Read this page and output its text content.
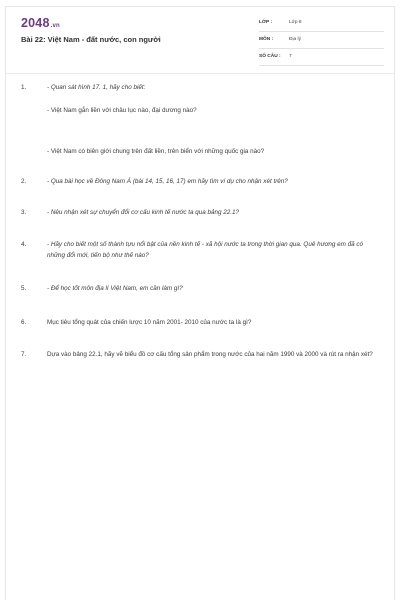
2048.vn
Bài 22: Việt Nam - đất nước, con người
LỚP :	Lớp 8
MÔN :	Địa lý
SỐ CÂU : 7
1.	- Quan sát hình 17. 1, hãy cho biết:
- Việt Nam gắn liền với châu lục nào, đại dương nào?
- Việt Nam có biên giới chung trên đất liền, trên biển với những quốc gia nào?
2.	- Qua bài học về Đông Nam Á (bài 14, 15, 16, 17) em hãy tìm ví dụ cho nhận xét trên?
3.	- Nêu nhận xét sự chuyển đổi cơ cấu kinh tế nước ta qua bảng 22.1?
4.	- Hãy cho biết một số thành tựu nổi bật của nền kinh tế - xã hội nước ta trong thời gian qua. Quê hương em đã có những đổi mới, tiến bộ như thế nào?
5.	- Để học tốt môn địa lí Việt Nam, em cần làm gì?
6.	Mục tiêu tổng quát của chiến lược 10 năm 2001- 2010 của nước ta là gì?
7.	Dựa vào bảng 22.1, hãy vẽ biểu đồ cơ cấu tổng sản phẩm trong nước của hai năm 1990 và 2000 và rút ra nhận xét?
